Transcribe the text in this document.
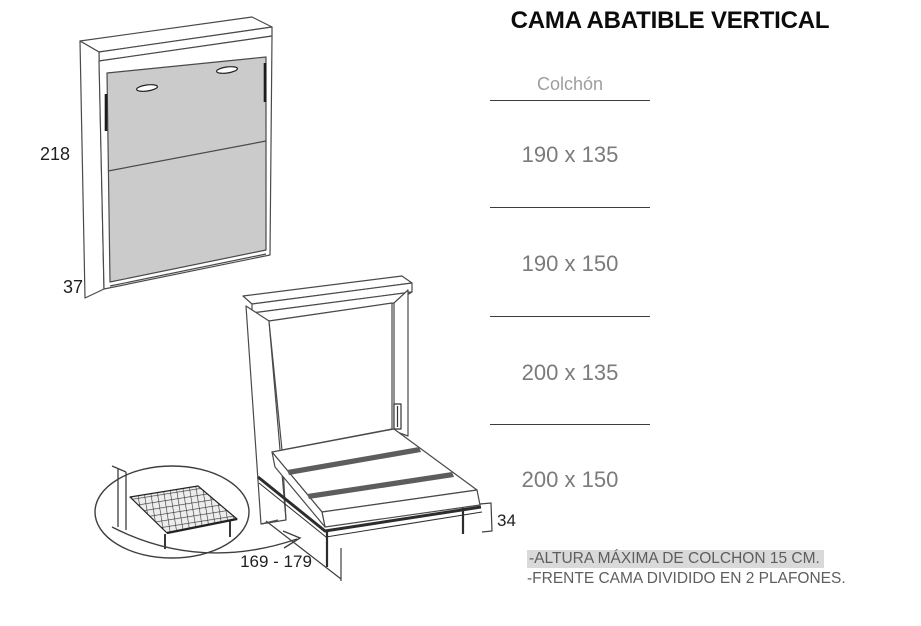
218
37
169 - 179
34
CAMA ABATIBLE VERTICAL
Colchón
190 x 135
190 x 150
200 x 135
200 x 150
-ALTURA MÁXIMA DE COLCHON 15 CM.
-FRENTE CAMA DIVIDIDO EN 2 PLAFONES.
